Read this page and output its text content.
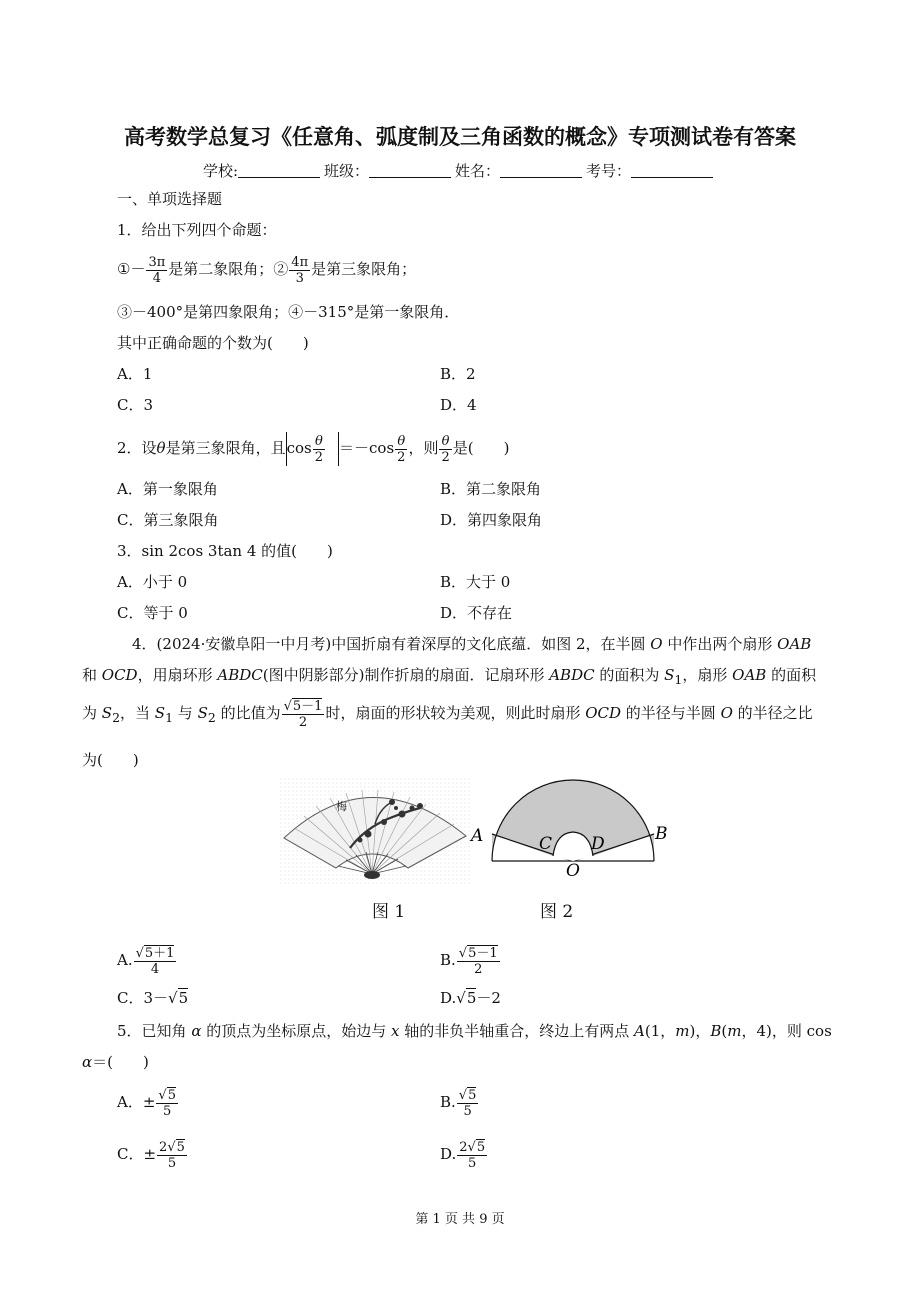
高考数学总复习《任意角、弧度制及三角函数的概念》专项测试卷有答案
学校:	班级：	姓名：	考号：
一、单项选择题
1．给出下列四个命题：
①－ $\frac{3\pi}{4}$ 是第二象限角；② $\frac{4\pi}{3}$ 是第三象限角；
③－400°是第四象限角；④－315°是第一象限角．
其中正确命题的个数为(　　)
A．1	B．2
C．3	D．4
2．设θ是第三象限角，且$\cos \frac{\theta}{2} =-\cos \frac{\theta}{2}$ ，则 $\frac{\theta}{2}$ 是(　　)
A．第一象限角	B．第二象限角
C．第三象限角	D．第四象限角
3．sin 2cos 3tan 4 的值(　　)
A．小于 0	B．大于 0
C．等于 0	D．不存在
4．(2024·安徽阜阳一中月考)中国折扇有着深厚的文化底蕴．如图 2，在半圆 O 中作出两个扇形 OAB
和 OCD，用扇环形 ABDC(图中阴影部分)制作折扇的扇面．记扇环形 ABDC 的面积为 $S_1$，扇形 OAB 的面积
为 $S_2$，当 $S_1$ 与 $S_2$ 的比值为 $\frac{√5-1}{2}$ 时，扇面的形状较为美观，则此时扇形 OCD 的半径与半圆 O 的半径之比
为(　　)
梅
A	B
C D
O
图 1	图 2
A. $\frac{√5+1}{4}$	B. $\frac{√5-1}{2}$
C．3－√5	D.√5－2
5．已知角 α 的顶点为坐标原点，始边与 x 轴的非负半轴重合，终边上有两点 A(1，m)，B(m，4)，则 cos
α＝(　　)
A．± $\frac{√5}{5}$	B. $\frac{√5}{5}$
C．± $\frac{2√5}{5}$	D. $\frac{2√5}{5}$
第 1 页 共 9 页
